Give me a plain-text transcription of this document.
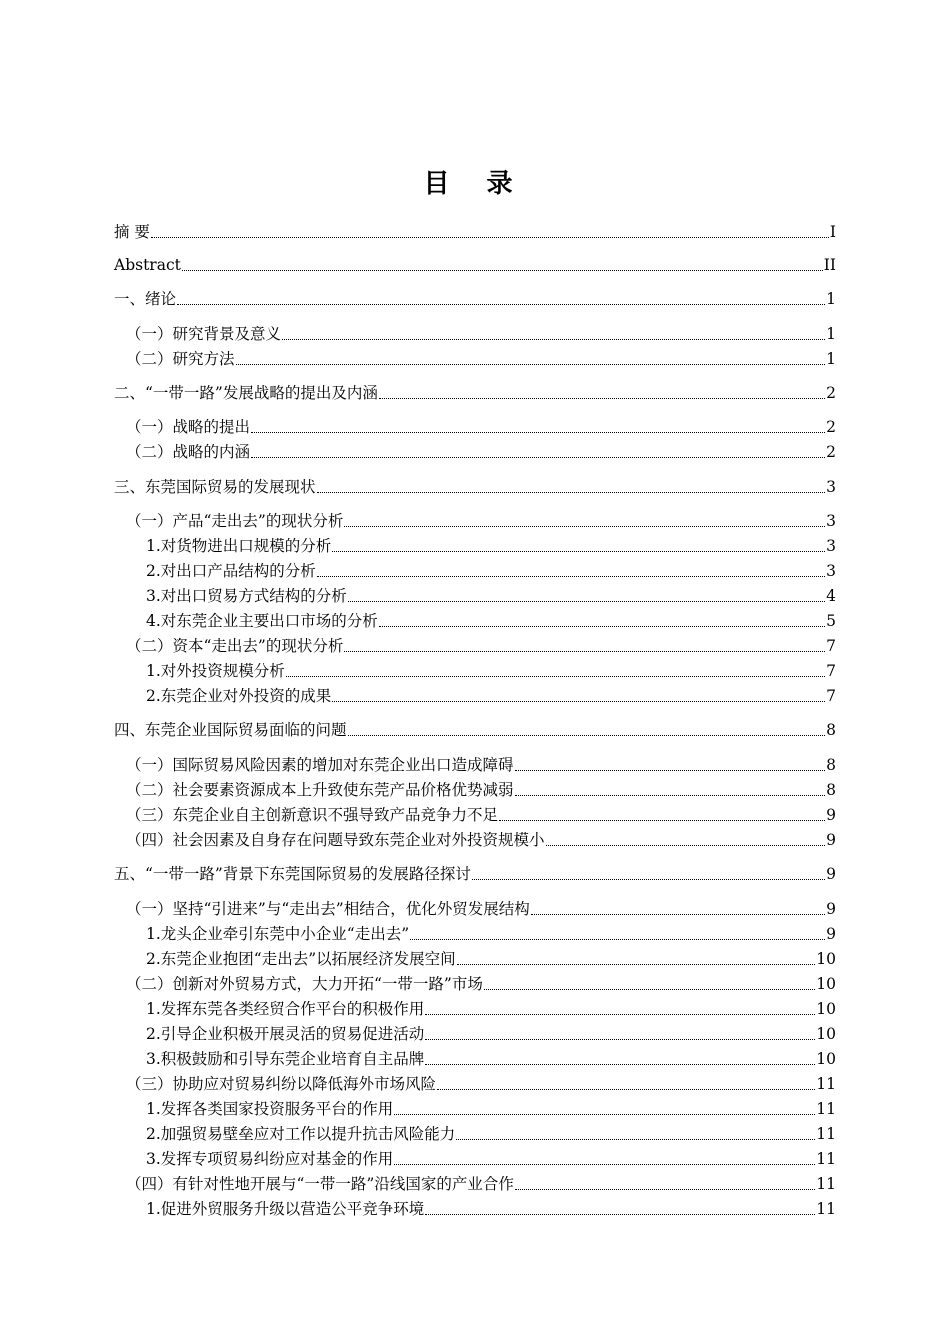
目 录
摘 要	I
Abstract	II
一、绪论	1
（一）研究背景及意义	1
（二）研究方法	1
二、“一带一路”发展战略的提出及内涵	2
（一）战略的提出	2
（二）战略的内涵	2
三、东莞国际贸易的发展现状	3
（一）产品“走出去”的现状分析	3
1.对货物进出口规模的分析	3
2.对出口产品结构的分析	3
3.对出口贸易方式结构的分析	4
4.对东莞企业主要出口市场的分析	5
（二）资本“走出去”的现状分析	7
1.对外投资规模分析	7
2.东莞企业对外投资的成果	7
四、东莞企业国际贸易面临的问题	8
（一）国际贸易风险因素的增加对东莞企业出口造成障碍	8
（二）社会要素资源成本上升致使东莞产品价格优势减弱	8
（三）东莞企业自主创新意识不强导致产品竞争力不足	9
（四）社会因素及自身存在问题导致东莞企业对外投资规模小	9
五、“一带一路”背景下东莞国际贸易的发展路径探讨	9
（一）坚持“引进来”与“走出去”相结合，优化外贸发展结构	9
1.龙头企业牵引东莞中小企业“走出去”	9
2.东莞企业抱团“走出去”以拓展经济发展空间	10
（二）创新对外贸易方式，大力开拓“一带一路”市场	10
1.发挥东莞各类经贸合作平台的积极作用	10
2.引导企业积极开展灵活的贸易促进活动	10
3.积极鼓励和引导东莞企业培育自主品牌	10
（三）协助应对贸易纠纷以降低海外市场风险	11
1.发挥各类国家投资服务平台的作用	11
2.加强贸易壁垒应对工作以提升抗击风险能力	11
3.发挥专项贸易纠纷应对基金的作用	11
（四）有针对性地开展与“一带一路”沿线国家的产业合作	11
1.促进外贸服务升级以营造公平竞争环境	11
